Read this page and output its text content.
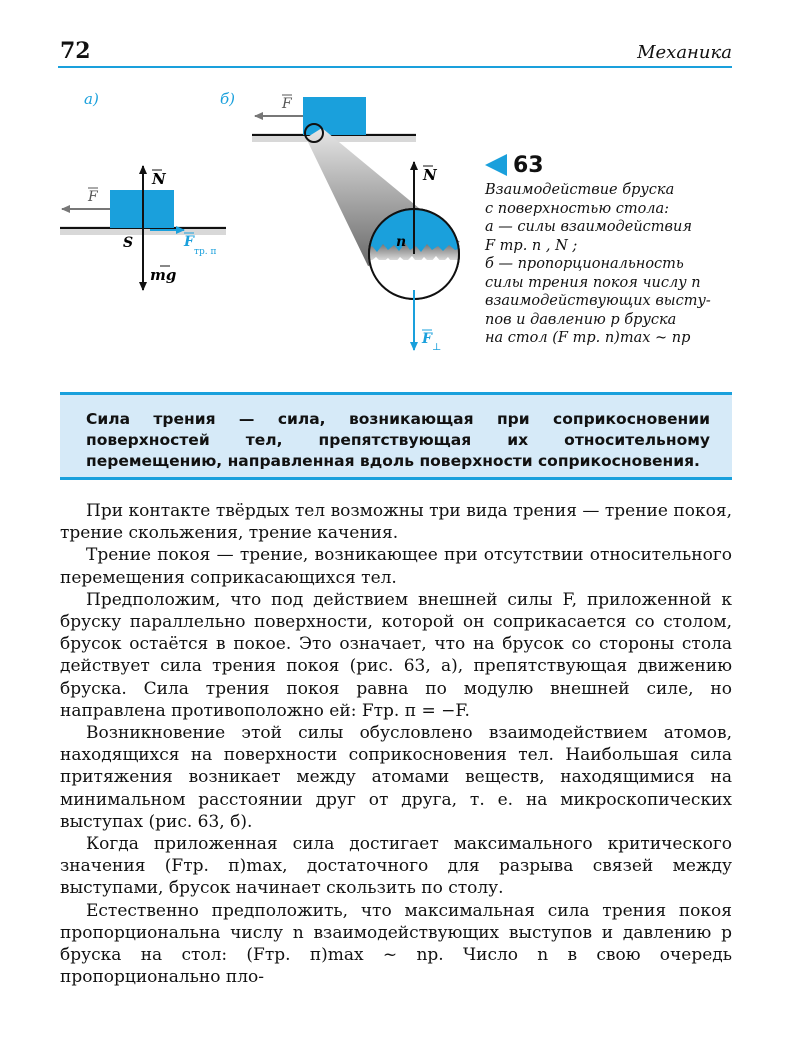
72	Механика
а)
F
N
mg
S	F
тр. п
б)	F
n
N
F
⊥
63
Взаимодействие бруска
с поверхностью стола:
а — силы взаимодействия
F тр. п , N ;
б — пропорциональность
силы трения покоя числу n
взаимодействующих высту-
пов и давлению p бруска
на стол (F тр. п)max ~ np
Сила трения — сила, возникающая при соприкосновении поверхностей тел, препятствующая их относительному перемещению, направленная вдоль поверхности соприкосновения.

При контакте твёрдых тел возможны три вида трения — трение покоя, трение скольжения, трение качения.

Трение покоя — трение, возникающее при отсутствии относительного перемещения соприкасающихся тел.

Предположим, что под действием внешней силы F, приложенной к бруску параллельно поверхности, которой он соприкасается со столом, брусок остаётся в покое. Это означает, что на брусок со стороны стола действует сила трения покоя (рис. 63, а), препятствующая движению бруска. Сила трения покоя равна по модулю внешней силе, но направлена противоположно ей: Fтр. п = −F.

Возникновение этой силы обусловлено взаимодействием атомов, находящихся на поверхности соприкосновения тел. Наибольшая сила притяжения возникает между атомами веществ, находящимися на минимальном расстоянии друг от друга, т. е. на микроскопических выступах (рис. 63, б).

Когда приложенная сила достигает максимального критического значения (Fтр. п)max, достаточного для разрыва связей между выступами, брусок начинает скользить по столу.

Естественно предположить, что максимальная сила трения покоя пропорциональна числу n взаимодействующих выступов и давлению p бруска на стол: (Fтр. п)max ~ np. Число n в свою очередь пропорционально пло-
